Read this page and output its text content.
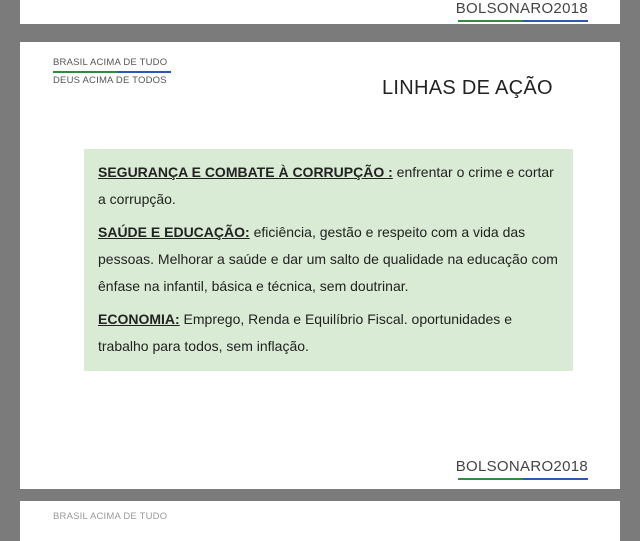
BOLSONARO2018
BRASIL ACIMA DE TUDO
DEUS ACIMA DE TODOS	LINHAS DE AÇÃO

SEGURANÇA E COMBATE À CORRUPÇÃO : enfrentar o crime e cortar a corrupção.

SAÚDE E EDUCAÇÃO: eficiência, gestão e respeito com a vida das pessoas. Melhorar a saúde e dar um salto de qualidade na educação com ênfase na infantil, básica e técnica, sem doutrinar.

ECONOMIA: Emprego, Renda e Equilíbrio Fiscal. oportunidades e trabalho para todos, sem inflação.

BOLSONARO2018
BRASIL ACIMA DE TUDO
